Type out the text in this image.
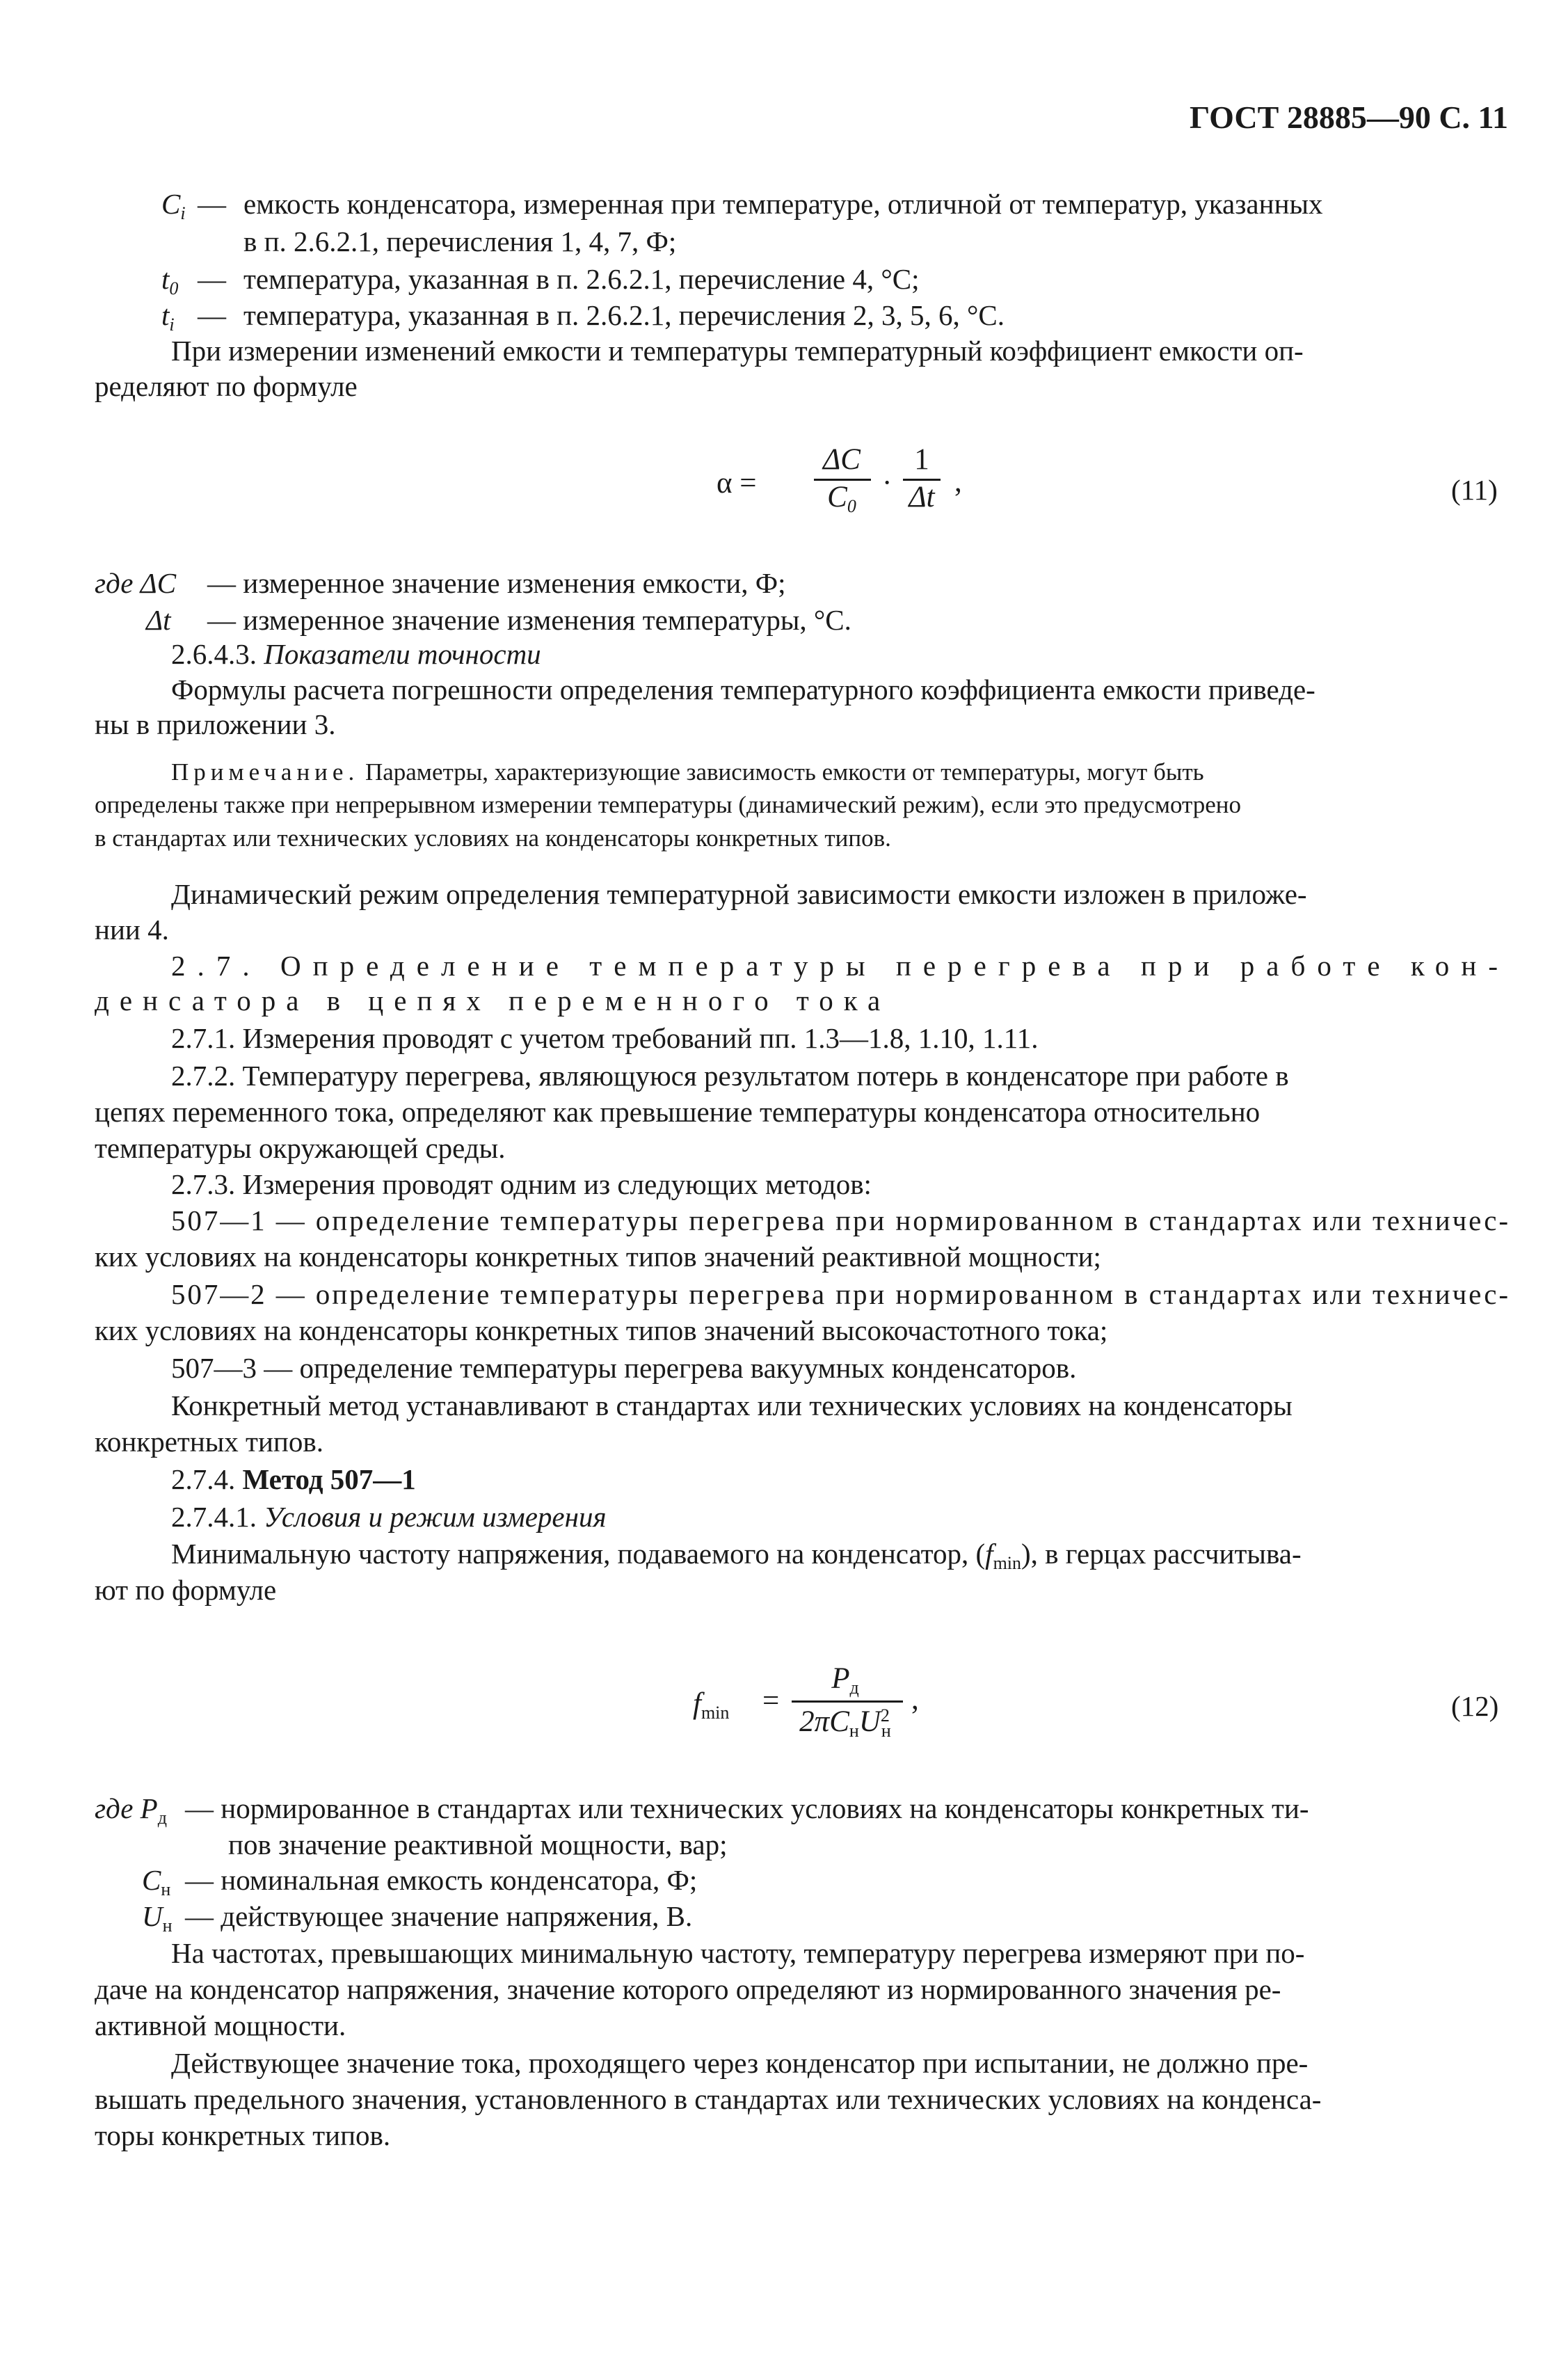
ГОСТ 28885—90 С. 11
$C_i$ — емкость конденсатора, измеренная при температуре, отличной от температур, указанных
в п. 2.6.2.1, перечисления 1, 4, 7, Ф;
$t_0$ — температура, указанная в п. 2.6.2.1, перечисление 4, °С;
$t_i$ — температура, указанная в п. 2.6.2.1, перечисления 2, 3, 5, 6, °С.
При измерении изменений емкости и температуры температурный коэффициент емкости оп-
ределяют по формуле
α =
ΔC
$C_0$
·
1
Δt ,	(11)
где ΔC — измеренное значение изменения емкости, Ф;
Δt — измеренное значение изменения температуры, °С.
2.6.4.3. Показатели точности
Формулы расчета погрешности определения температурного коэффициента емкости приведе-
ны в приложении 3.
Примечание. Параметры, характеризующие зависимость емкости от температуры, могут быть
определены также при непрерывном измерении температуры (динамический режим), если это предусмотрено
в стандартах или технических условиях на конденсаторы конкретных типов.
Динамический режим определения температурной зависимости емкости изложен в приложе-
нии 4.
2.7. Определение температуры перегрева при работе кон-
денсатора в цепях переменного тока
2.7.1. Измерения проводят с учетом требований пп. 1.3—1.8, 1.10, 1.11.
2.7.2. Температуру перегрева, являющуюся результатом потерь в конденсаторе при работе в
цепях переменного тока, определяют как превышение температуры конденсатора относительно
температуры окружающей среды.
2.7.3. Измерения проводят одним из следующих методов:
507—1 — определение температуры перегрева при нормированном в стандартах или техничес-
ких условиях на конденсаторы конкретных типов значений реактивной мощности;
507—2 — определение температуры перегрева при нормированном в стандартах или техничес-
ких условиях на конденсаторы конкретных типов значений высокочастотного тока;
507—3 — определение температуры перегрева вакуумных конденсаторов.
Конкретный метод устанавливают в стандартах или технических условиях на конденсаторы
конкретных типов.
2.7.4. Метод 507—1
2.7.4.1. Условия и режим измерения
Минимальную частоту напряжения, подаваемого на конденсатор, $(f_{min})$, в герцах рассчитыва-
ют по формуле
$f_{min}$ =
$P_д$
$2\pi C_нU^2_н$
,	(12)
где $P_д$ — нормированное в стандартах или технических условиях на конденсаторы конкретных ти-
пов значение реактивной мощности, вар;
$C_н$ — номинальная емкость конденсатора, Ф;
$U_н$ — действующее значение напряжения, В.
На частотах, превышающих минимальную частоту, температуру перегрева измеряют при по-
даче на конденсатор напряжения, значение которого определяют из нормированного значения ре-
активной мощности.
Действующее значение тока, проходящего через конденсатор при испытании, не должно пре-
вышать предельного значения, установленного в стандартах или технических условиях на конденса-
торы конкретных типов.
